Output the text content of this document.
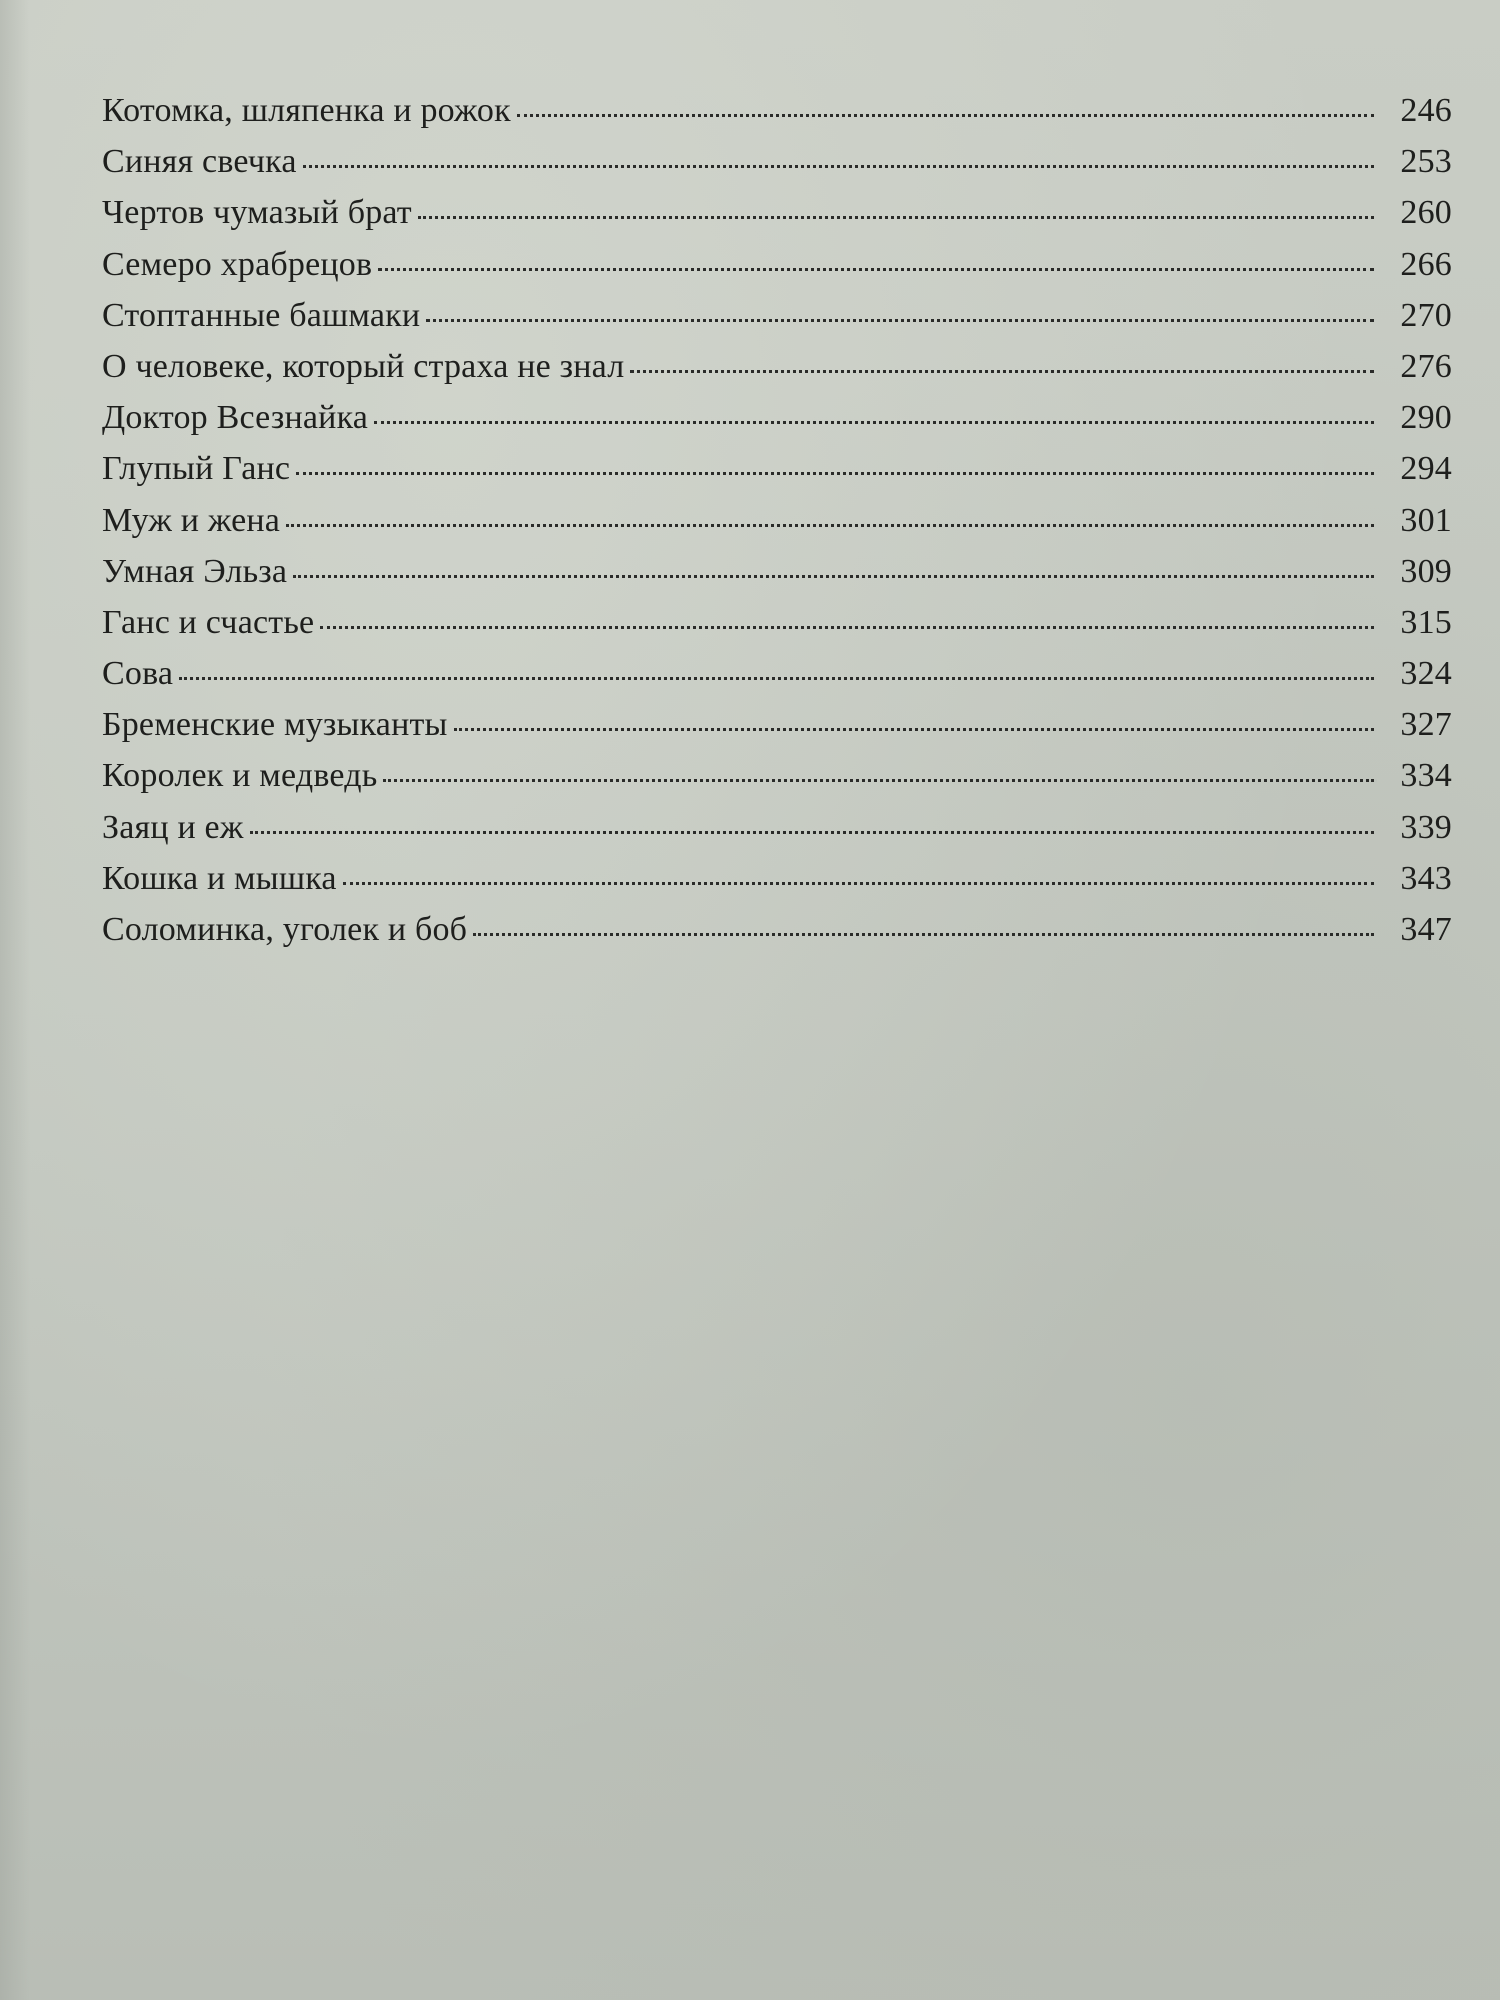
Котомка, шляпенка и рожок	246
Синяя свечка	253
Чертов чумазый брат	260
Семеро храбрецов	266
Стоптанные башмаки	270
О человеке, который страха не знал	276
Доктор Всезнайка	290
Глупый Ганс	294
Муж и жена	301
Умная Эльза	309
Ганс и счастье	315
Сова	324
Бременские музыканты	327
Королек и медведь	334
Заяц и еж	339
Кошка и мышка	343
Соломинка, уголек и боб	347
